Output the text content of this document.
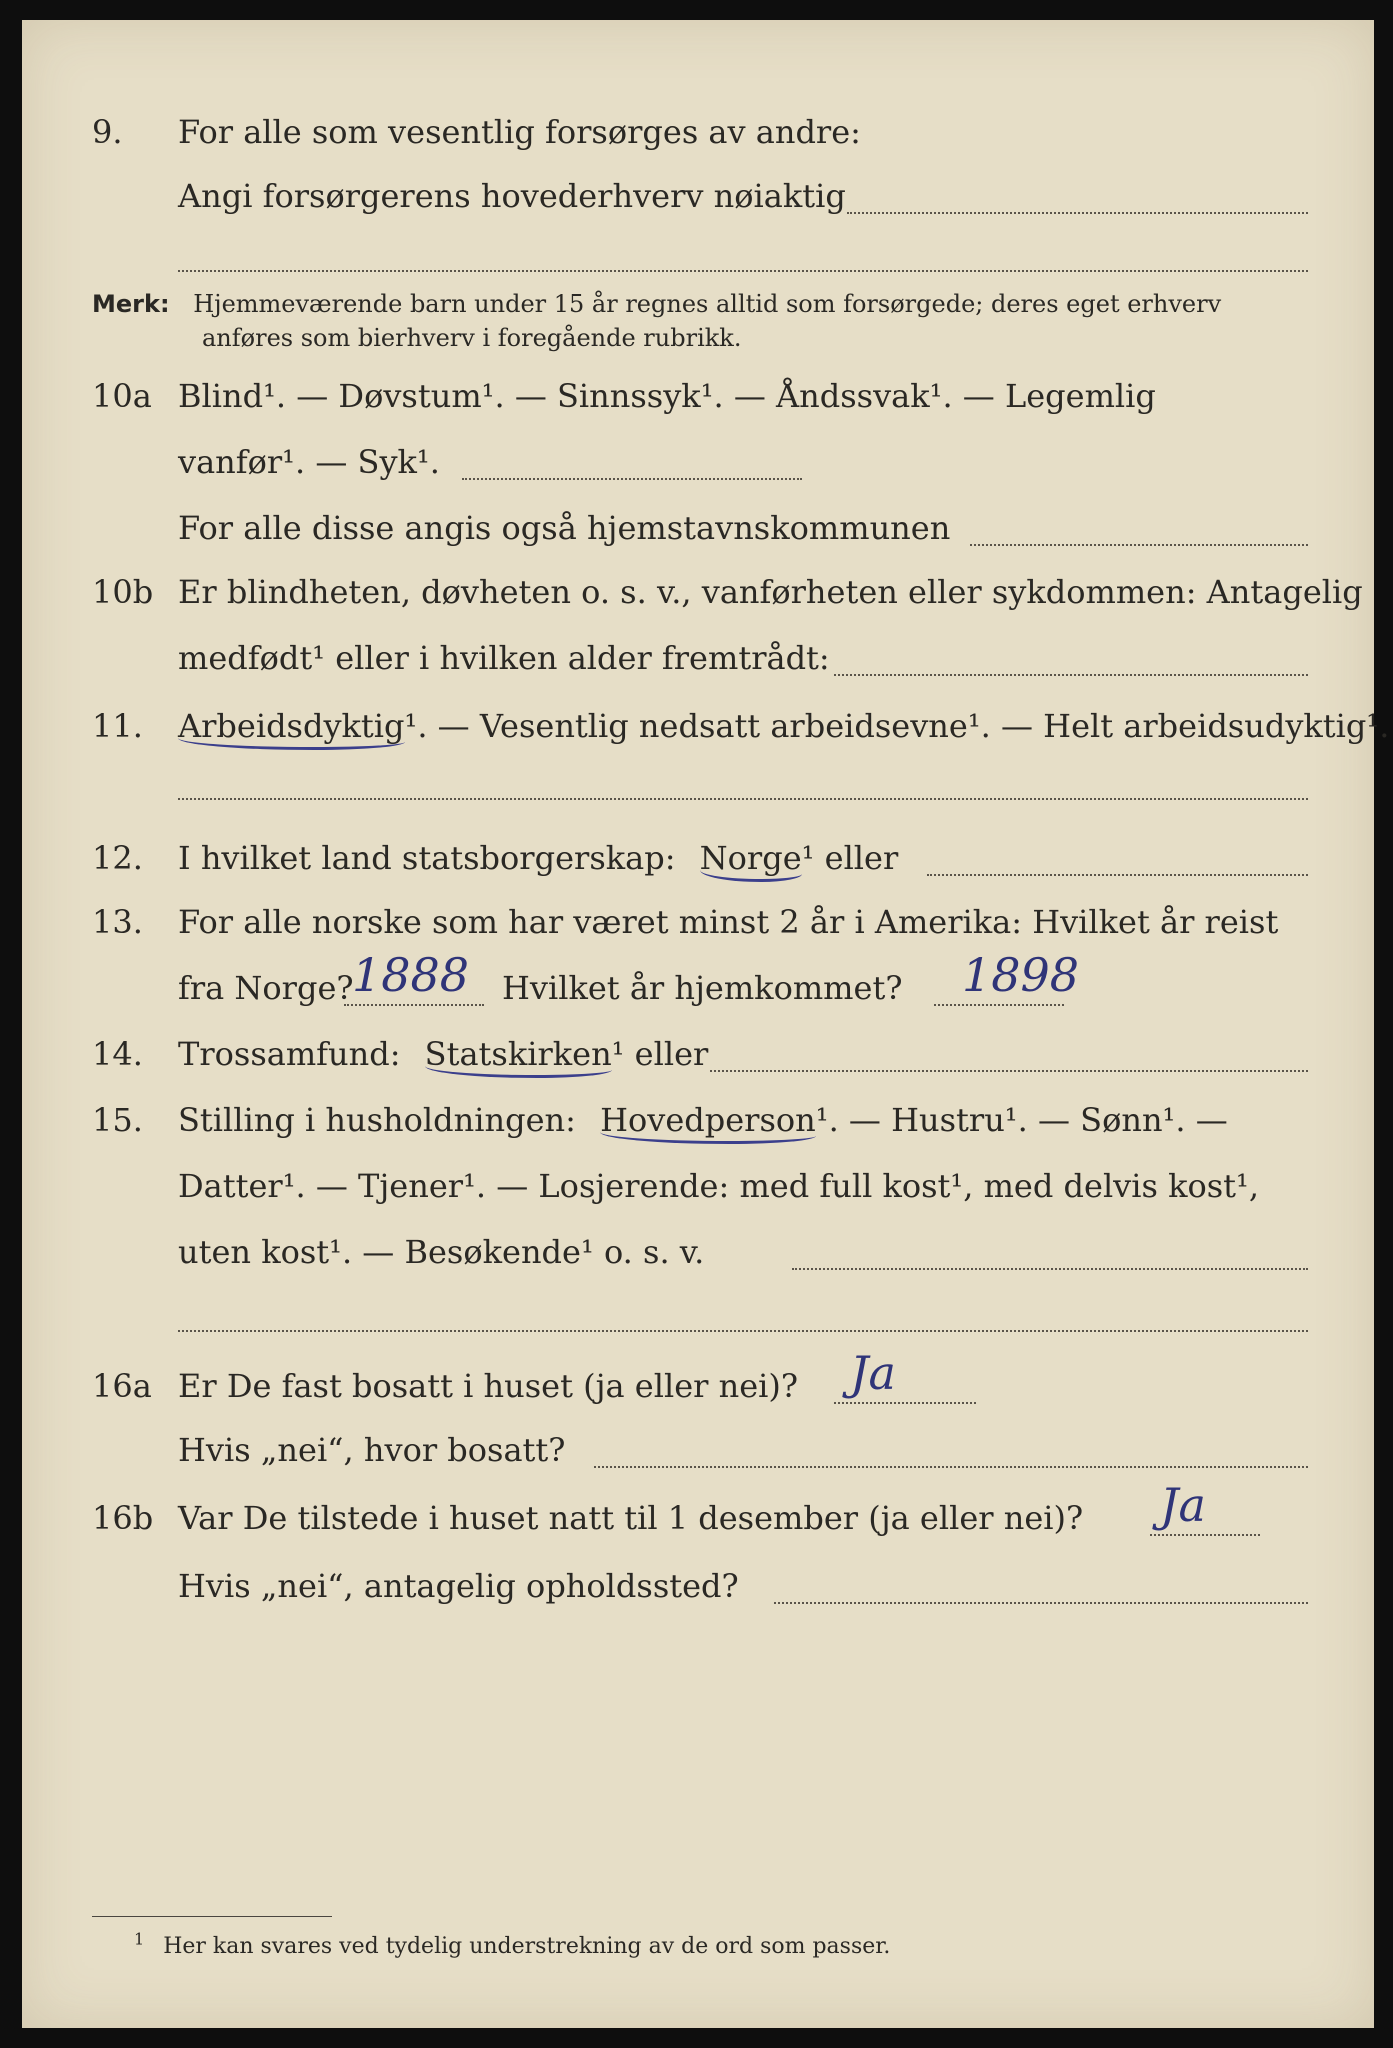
9.	For alle som vesentlig forsørges av andre:
Angi forsørgerens hovederhverv nøiaktig
Merk: Hjemmeværende barn under 15 år regnes alltid som forsørgede; deres eget erhverv
anføres som bierhverv i foregående rubrikk.
10a Blind¹. — Døvstum¹. — Sinnssyk¹. — Åndssvak¹. — Legemlig
vanfør¹. — Syk¹.
For alle disse angis også hjemstavnskommunen
10b Er blindheten, døvheten o. s. v., vanførheten eller sykdommen: Antagelig
medfødt¹ eller i hvilken alder fremtrådt:
11.	Arbeidsdyktig¹. — Vesentlig nedsatt arbeidsevne¹. — Helt arbeidsudyktig¹.
12.	I hvilket land statsborgerskap: Norge¹ eller
13.	For alle norske som har været minst 2 år i Amerika: Hvilket år reist
fra Norge?	Hvilket år hjemkommet?
1888	1898
14.	Trossamfund: Statskirken¹ eller
15.	Stilling i husholdningen: Hovedperson¹. — Hustru¹. — Sønn¹. —
Datter¹. — Tjener¹. — Losjerende: med full kost¹, med delvis kost¹,
uten kost¹. — Besøkende¹ o. s. v.
16a Er De fast bosatt i huset (ja eller nei)? Ja
Hvis „nei“, hvor bosatt?
16b Var De tilstede i huset natt til 1 desember (ja eller nei)? Ja
Hvis „nei“, antagelig opholdssted?
$^1$ Her kan svares ved tydelig understrekning av de ord som passer.
